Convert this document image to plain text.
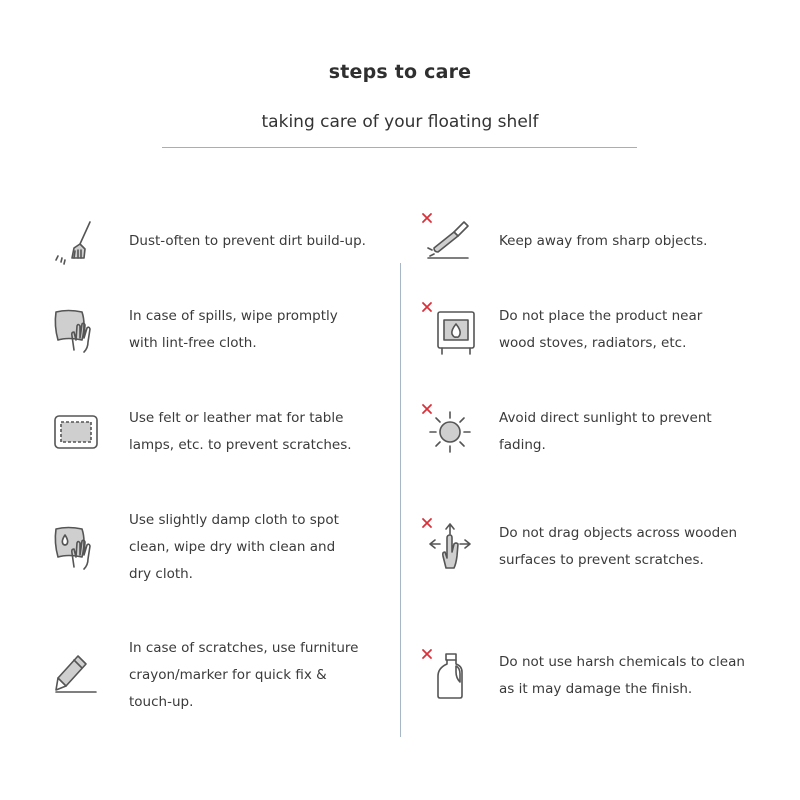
steps to care
taking care of your floating shelf
Dust-often to prevent dirt build-up.
In case of spills, wipe promptly
with lint-free cloth.
Use felt or leather mat for table
lamps, etc. to prevent scratches.
Use slightly damp cloth to spot
clean, wipe dry with clean and
dry cloth.
In case of scratches, use furniture
crayon/marker for quick fix &
touch-up.
Keep away from sharp objects.
Do not place the product near
wood stoves, radiators, etc.
Avoid direct sunlight to prevent
fading.
Do not drag objects across wooden
surfaces to prevent scratches.
Do not use harsh chemicals to clean
as it may damage the finish.
